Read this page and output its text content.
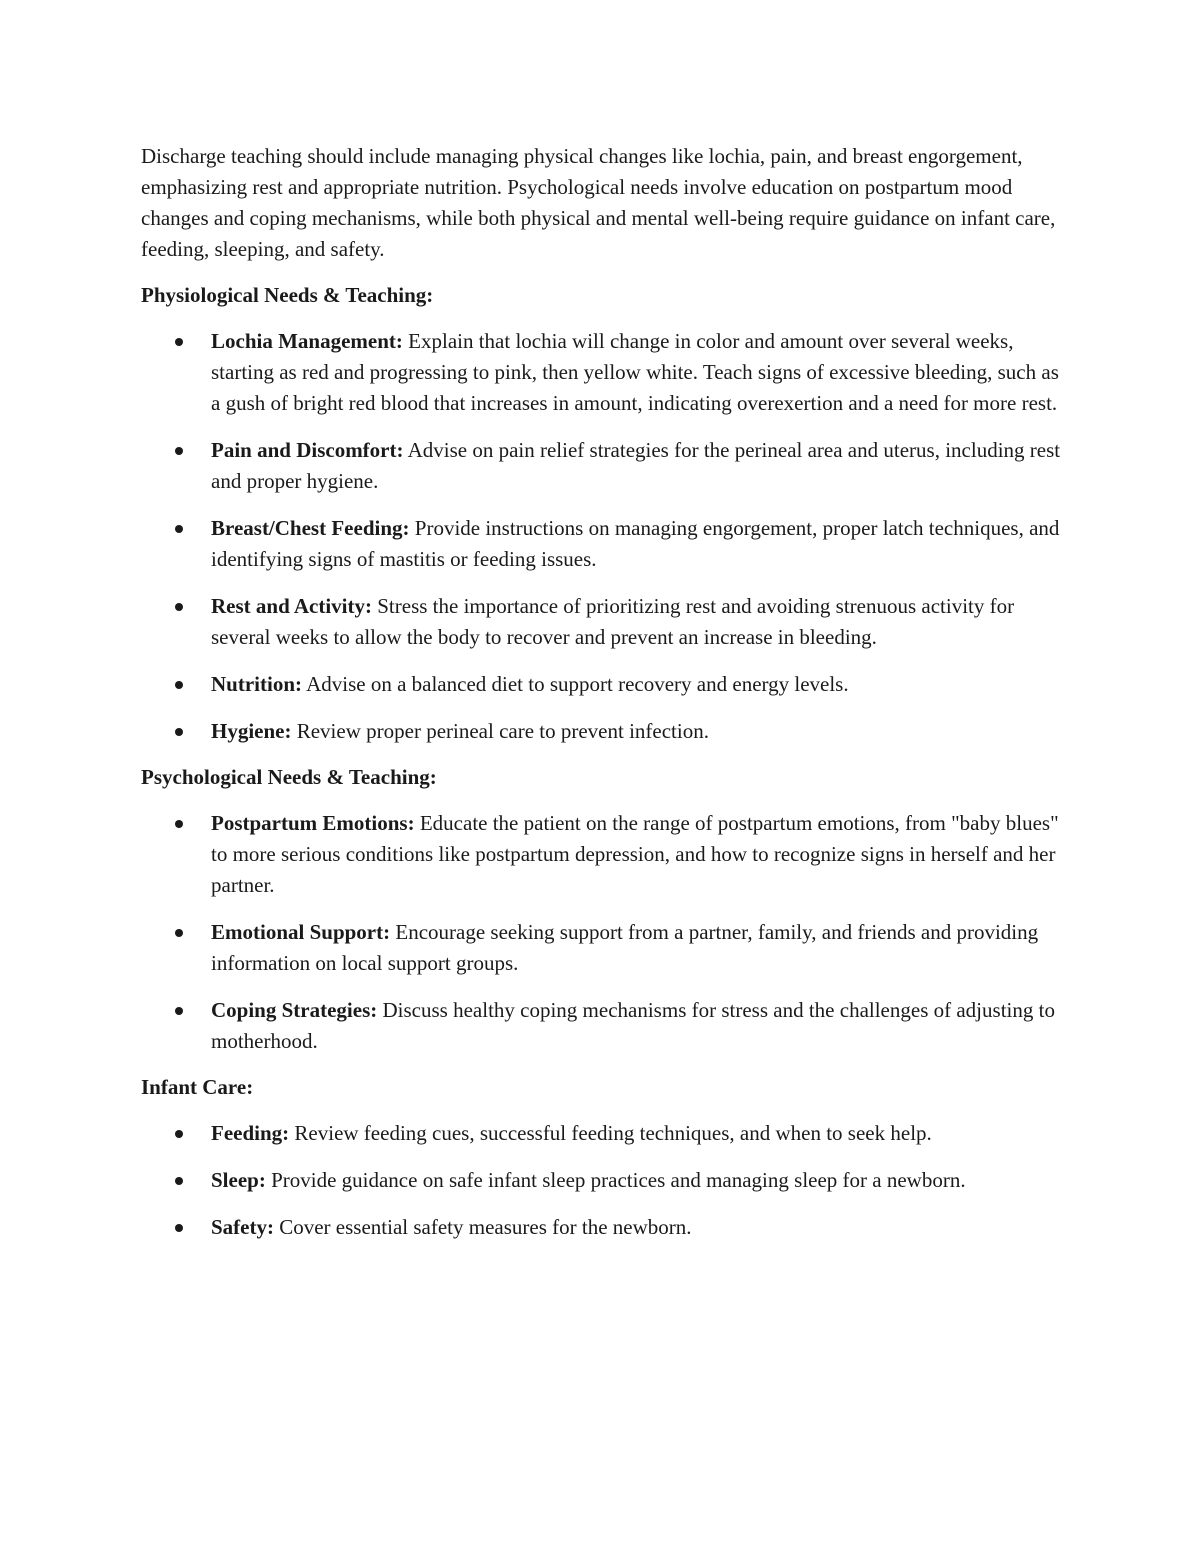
Discharge teaching should include managing physical changes like lochia, pain, and breast engorgement, emphasizing rest and appropriate nutrition. Psychological needs involve education on postpartum mood changes and coping mechanisms, while both physical and mental well-being require guidance on infant care, feeding, sleeping, and safety.

Physiological Needs & Teaching:

Lochia Management: Explain that lochia will change in color and amount over several weeks, starting as red and progressing to pink, then yellow white. Teach signs of excessive bleeding, such as a gush of bright red blood that increases in amount, indicating overexertion and a need for more rest.
Pain and Discomfort: Advise on pain relief strategies for the perineal area and uterus, including rest and proper hygiene.
Breast/Chest Feeding: Provide instructions on managing engorgement, proper latch techniques, and identifying signs of mastitis or feeding issues.
Rest and Activity: Stress the importance of prioritizing rest and avoiding strenuous activity for several weeks to allow the body to recover and prevent an increase in bleeding.
Nutrition: Advise on a balanced diet to support recovery and energy levels.
Hygiene: Review proper perineal care to prevent infection.

Psychological Needs & Teaching:

Postpartum Emotions: Educate the patient on the range of postpartum emotions, from "baby blues" to more serious conditions like postpartum depression, and how to recognize signs in herself and her partner.
Emotional Support: Encourage seeking support from a partner, family, and friends and providing information on local support groups.
Coping Strategies: Discuss healthy coping mechanisms for stress and the challenges of adjusting to motherhood.

Infant Care:

Feeding: Review feeding cues, successful feeding techniques, and when to seek help.
Sleep: Provide guidance on safe infant sleep practices and managing sleep for a newborn.
Safety: Cover essential safety measures for the newborn.
